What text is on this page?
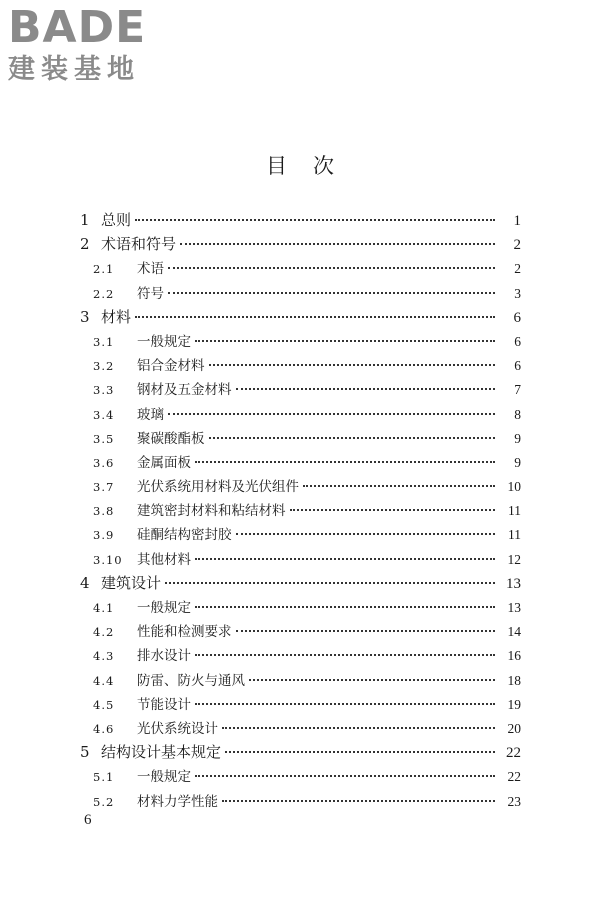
BADE
建装基地
目次
1 总则	1
2 术语和符号	2
2.1	术语	2
2.2	符号	3
3 材料	6
3.1	一般规定	6
3.2	铝合金材料	6
3.3	钢材及五金材料	7
3.4	玻璃	8
3.5	聚碳酸酯板	9
3.6	金属面板	9
3.7	光伏系统用材料及光伏组件	10
3.8	建筑密封材料和粘结材料	11
3.9	硅酮结构密封胶	11
3.10	其他材料	12
4 建筑设计	13
4.1	一般规定	13
4.2	性能和检测要求	14
4.3	排水设计	16
4.4	防雷、防火与通风	18
4.5	节能设计	19
4.6	光伏系统设计	20
5 结构设计基本规定	22
5.1	一般规定	22
5.2	材料力学性能	23
6
